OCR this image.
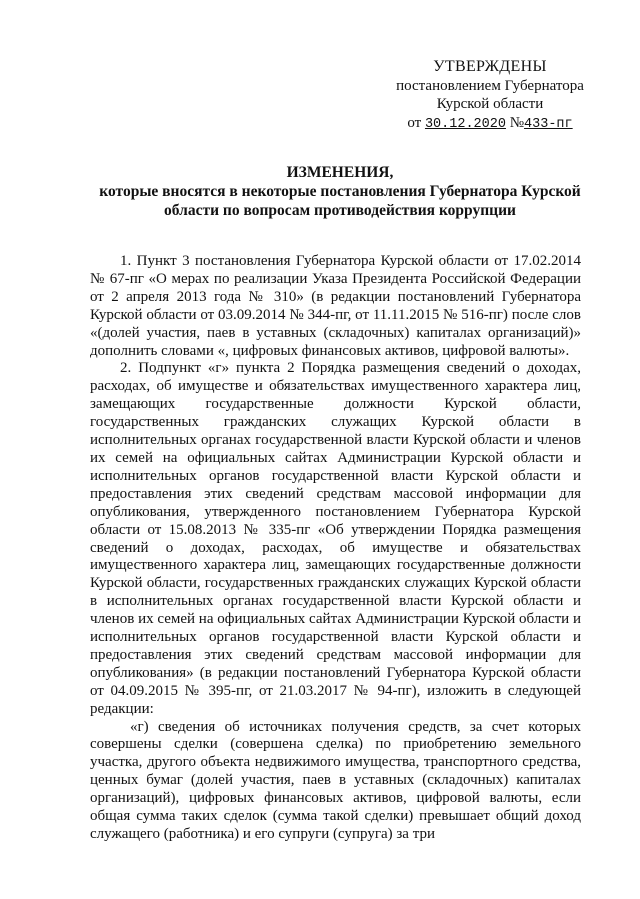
УТВЕРЖДЕНЫ
постановлением Губернатора
Курской области
от 30.12.2020 №433-пг
ИЗМЕНЕНИЯ,
которые вносятся в некоторые постановления Губернатора Курской области по вопросам противодействия коррупции

1. Пункт 3 постановления Губернатора Курской области от 17.02.2014 № 67-пг «О мерах по реализации Указа Президента Российской Федерации от 2 апреля 2013 года № 310» (в редакции постановлений Губернатора Курской области от 03.09.2014 № 344-пг, от 11.11.2015 № 516-пг) после слов «(долей участия, паев в уставных (складочных) капиталах организаций)» дополнить словами «, цифровых финансовых активов, цифровой валюты».

2. Подпункт «г» пункта 2 Порядка размещения сведений о доходах, расходах, об имуществе и обязательствах имущественного характера лиц, замещающих государственные должности Курской области, государственных гражданских служащих Курской области в исполнительных органах государственной власти Курской области и членов их семей на официальных сайтах Администрации Курской области и исполнительных органов государственной власти Курской области и предоставления этих сведений средствам массовой информации для опубликования, утвержденного постановлением Губернатора Курской области от 15.08.2013 № 335-пг «Об утверждении Порядка размещения сведений о доходах, расходах, об имуществе и обязательствах имущественного характера лиц, замещающих государственные должности Курской области, государственных гражданских служащих Курской области в исполнительных органах государственной власти Курской области и членов их семей на официальных сайтах Администрации Курской области и исполнительных органов государственной власти Курской области и предоставления этих сведений средствам массовой информации для опубликования» (в редакции постановлений Губернатора Курской области от 04.09.2015 № 395-пг, от 21.03.2017 № 94-пг), изложить в следующей редакции:

«г) сведения об источниках получения средств, за счет которых совершены сделки (совершена сделка) по приобретению земельного участка, другого объекта недвижимого имущества, транспортного средства, ценных бумаг (долей участия, паев в уставных (складочных) капиталах организаций), цифровых финансовых активов, цифровой валюты, если общая сумма таких сделок (сумма такой сделки) превышает общий доход служащего (работника) и его супруги (супруга) за три
